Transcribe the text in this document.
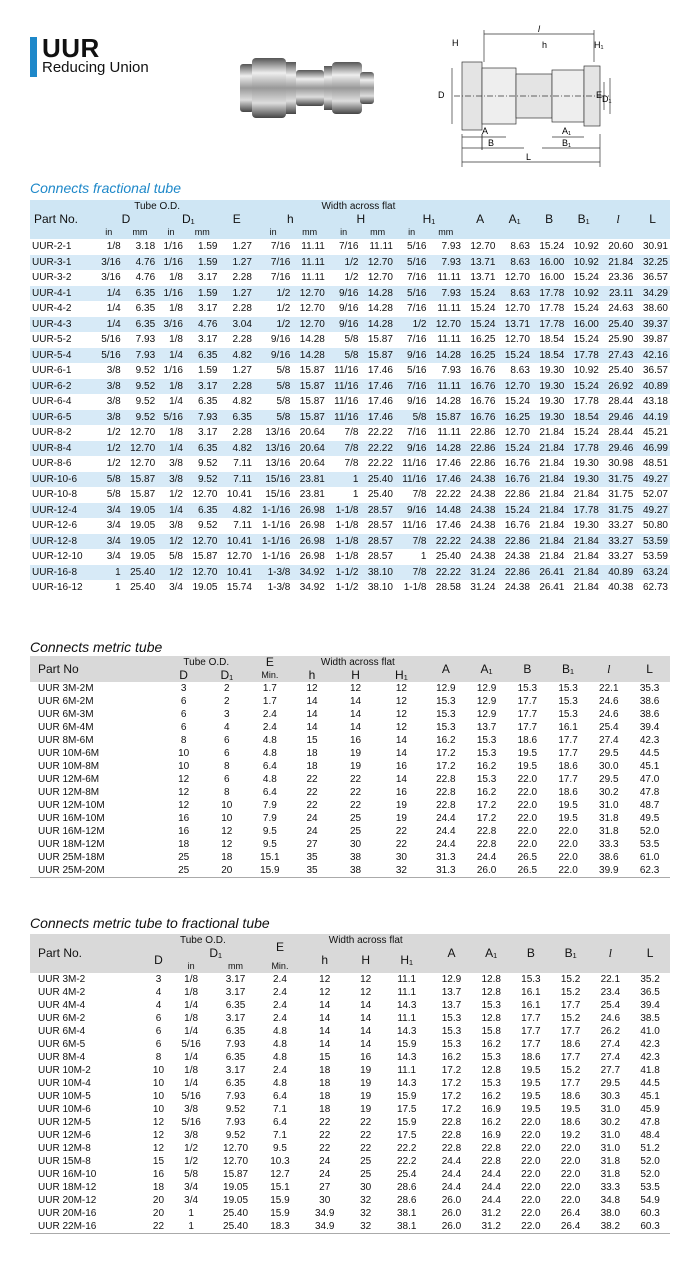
UUR
Reducing Union
l
H	h	H₁
D	E D₁
A
B
A₁
B₁
L
Connects fractional tube
Part No.	Tube O.D.				E	Width across flat						A	A₁	B	B₁	l	L
	D		D₁			h		H		H₁							
	in	mm	in	mm		in	mm	in	mm	in	mm						
UUR-2-1	1/8	3.18	1/16	1.59	1.27	7/16	11.11	7/16	11.11	5/16	7.93	12.70	8.63	15.24	10.92	20.60	30.91
UUR-3-1	3/16	4.76	1/16	1.59	1.27	7/16	11.11	1/2	12.70	5/16	7.93	13.71	8.63	16.00	10.92	21.84	32.25
UUR-3-2	3/16	4.76	1/8	3.17	2.28	7/16	11.11	1/2	12.70	7/16	11.11	13.71	12.70	16.00	15.24	23.36	36.57
UUR-4-1	1/4	6.35	1/16	1.59	1.27	1/2	12.70	9/16	14.28	5/16	7.93	15.24	8.63	17.78	10.92	23.11	34.29
UUR-4-2	1/4	6.35	1/8	3.17	2.28	1/2	12.70	9/16	14.28	7/16	11.11	15.24	12.70	17.78	15.24	24.63	38.60
UUR-4-3	1/4	6.35	3/16	4.76	3.04	1/2	12.70	9/16	14.28	1/2	12.70	15.24	13.71	17.78	16.00	25.40	39.37
UUR-5-2	5/16	7.93	1/8	3.17	2.28	9/16	14.28	5/8	15.87	7/16	11.11	16.25	12.70	18.54	15.24	25.90	39.87
UUR-5-4	5/16	7.93	1/4	6.35	4.82	9/16	14.28	5/8	15.87	9/16	14.28	16.25	15.24	18.54	17.78	27.43	42.16
UUR-6-1	3/8	9.52	1/16	1.59	1.27	5/8	15.87	11/16	17.46	5/16	7.93	16.76	8.63	19.30	10.92	25.40	36.57
UUR-6-2	3/8	9.52	1/8	3.17	2.28	5/8	15.87	11/16	17.46	7/16	11.11	16.76	12.70	19.30	15.24	26.92	40.89
UUR-6-4	3/8	9.52	1/4	6.35	4.82	5/8	15.87	11/16	17.46	9/16	14.28	16.76	15.24	19.30	17.78	28.44	43.18
UUR-6-5	3/8	9.52	5/16	7.93	6.35	5/8	15.87	11/16	17.46	5/8	15.87	16.76	16.25	19.30	18.54	29.46	44.19
UUR-8-2	1/2	12.70	1/8	3.17	2.28	13/16	20.64	7/8	22.22	7/16	11.11	22.86	12.70	21.84	15.24	28.44	45.21
UUR-8-4	1/2	12.70	1/4	6.35	4.82	13/16	20.64	7/8	22.22	9/16	14.28	22.86	15.24	21.84	17.78	29.46	46.99
UUR-8-6	1/2	12.70	3/8	9.52	7.11	13/16	20.64	7/8	22.22	11/16	17.46	22.86	16.76	21.84	19.30	30.98	48.51
UUR-10-6	5/8	15.87	3/8	9.52	7.11	15/16	23.81	1	25.40	11/16	17.46	24.38	16.76	21.84	19.30	31.75	49.27
UUR-10-8	5/8	15.87	1/2	12.70	10.41	15/16	23.81	1	25.40	7/8	22.22	24.38	22.86	21.84	21.84	31.75	52.07
UUR-12-4	3/4	19.05	1/4	6.35	4.82	1-1/16	26.98	1-1/8	28.57	9/16	14.48	24.38	15.24	21.84	17.78	31.75	49.27
UUR-12-6	3/4	19.05	3/8	9.52	7.11	1-1/16	26.98	1-1/8	28.57	11/16	17.46	24.38	16.76	21.84	19.30	33.27	50.80
UUR-12-8	3/4	19.05	1/2	12.70	10.41	1-1/16	26.98	1-1/8	28.57	7/8	22.22	24.38	22.86	21.84	21.84	33.27	53.59
UUR-12-10	3/4	19.05	5/8	15.87	12.70	1-1/16	26.98	1-1/8	28.57	1	25.40	24.38	24.38	21.84	21.84	33.27	53.59
UUR-16-8	1	25.40	1/2	12.70	10.41	1-3/8	34.92	1-1/2	38.10	7/8	22.22	31.24	22.86	26.41	21.84	40.89	63.24
UUR-16-12	1	25.40	3/4	19.05	15.74	1-3/8	34.92	1-1/2	38.10	1-1/8	28.58	31.24	24.38	26.41	21.84	40.38	62.73
Connects metric tube
Part No	Tube O.D.		E	Width across flat			A	A₁	B	B₁	l	L
	D	D₁	Min.	h	H	H₁						
UUR 3M-2M	3	2	1.7	12	12	12	12.9	12.9	15.3	15.3	22.1	35.3
UUR 6M-2M	6	2	1.7	14	14	12	15.3	12.9	17.7	15.3	24.6	38.6
UUR 6M-3M	6	3	2.4	14	14	12	15.3	12.9	17.7	15.3	24.6	38.6
UUR 6M-4M	6	4	2.4	14	14	12	15.3	13.7	17.7	16.1	25.4	39.4
UUR 8M-6M	8	6	4.8	15	16	14	16.2	15.3	18.6	17.7	27.4	42.3
UUR 10M-6M	10	6	4.8	18	19	14	17.2	15.3	19.5	17.7	29.5	44.5
UUR 10M-8M	10	8	6.4	18	19	16	17.2	16.2	19.5	18.6	30.0	45.1
UUR 12M-6M	12	6	4.8	22	22	14	22.8	15.3	22.0	17.7	29.5	47.0
UUR 12M-8M	12	8	6.4	22	22	16	22.8	16.2	22.0	18.6	30.2	47.8
UUR 12M-10M	12	10	7.9	22	22	19	22.8	17.2	22.0	19.5	31.0	48.7
UUR 16M-10M	16	10	7.9	24	25	19	24.4	17.2	22.0	19.5	31.8	49.5
UUR 16M-12M	16	12	9.5	24	25	22	24.4	22.8	22.0	22.0	31.8	52.0
UUR 18M-12M	18	12	9.5	27	30	22	24.4	22.8	22.0	22.0	33.3	53.5
UUR 25M-18M	25	18	15.1	35	38	30	31.3	24.4	26.5	22.0	38.6	61.0
UUR 25M-20M	25	20	15.9	35	38	32	31.3	26.0	26.5	22.0	39.9	62.3
Connects metric tube to fractional tube
Part No.	Tube O.D.			E	Width across flat			A	A₁	B	B₁	l	L
	D	D₁			h	H	H₁						
		in	mm	Min.									
UUR 3M-2	3	1/8	3.17	2.4	12	12	11.1	12.9	12.8	15.3	15.2	22.1	35.2
UUR 4M-2	4	1/8	3.17	2.4	12	12	11.1	13.7	12.8	16.1	15.2	23.4	36.5
UUR 4M-4	4	1/4	6.35	2.4	14	14	14.3	13.7	15.3	16.1	17.7	25.4	39.4
UUR 6M-2	6	1/8	3.17	2.4	14	14	11.1	15.3	12.8	17.7	15.2	24.6	38.5
UUR 6M-4	6	1/4	6.35	4.8	14	14	14.3	15.3	15.8	17.7	17.7	26.2	41.0
UUR 6M-5	6	5/16	7.93	4.8	14	14	15.9	15.3	16.2	17.7	18.6	27.4	42.3
UUR 8M-4	8	1/4	6.35	4.8	15	16	14.3	16.2	15.3	18.6	17.7	27.4	42.3
UUR 10M-2	10	1/8	3.17	2.4	18	19	11.1	17.2	12.8	19.5	15.2	27.7	41.8
UUR 10M-4	10	1/4	6.35	4.8	18	19	14.3	17.2	15.3	19.5	17.7	29.5	44.5
UUR 10M-5	10	5/16	7.93	6.4	18	19	15.9	17.2	16.2	19.5	18.6	30.3	45.1
UUR 10M-6	10	3/8	9.52	7.1	18	19	17.5	17.2	16.9	19.5	19.5	31.0	45.9
UUR 12M-5	12	5/16	7.93	6.4	22	22	15.9	22.8	16.2	22.0	18.6	30.2	47.8
UUR 12M-6	12	3/8	9.52	7.1	22	22	17.5	22.8	16.9	22.0	19.2	31.0	48.4
UUR 12M-8	12	1/2	12.70	9.5	22	22	22.2	22.8	22.8	22.0	22.0	31.0	51.2
UUR 15M-8	15	1/2	12.70	10.3	24	25	22.2	24.4	22.8	22.0	22.0	31.8	52.0
UUR 16M-10	16	5/8	15.87	12.7	24	25	25.4	24.4	24.4	22.0	22.0	31.8	52.0
UUR 18M-12	18	3/4	19.05	15.1	27	30	28.6	24.4	24.4	22.0	22.0	33.3	53.5
UUR 20M-12	20	3/4	19.05	15.9	30	32	28.6	26.0	24.4	22.0	22.0	34.8	54.9
UUR 20M-16	20	1	25.40	15.9	34.9	32	38.1	26.0	31.2	22.0	26.4	38.0	60.3
UUR 22M-16	22	1	25.40	18.3	34.9	32	38.1	26.0	31.2	22.0	26.4	38.2	60.3
